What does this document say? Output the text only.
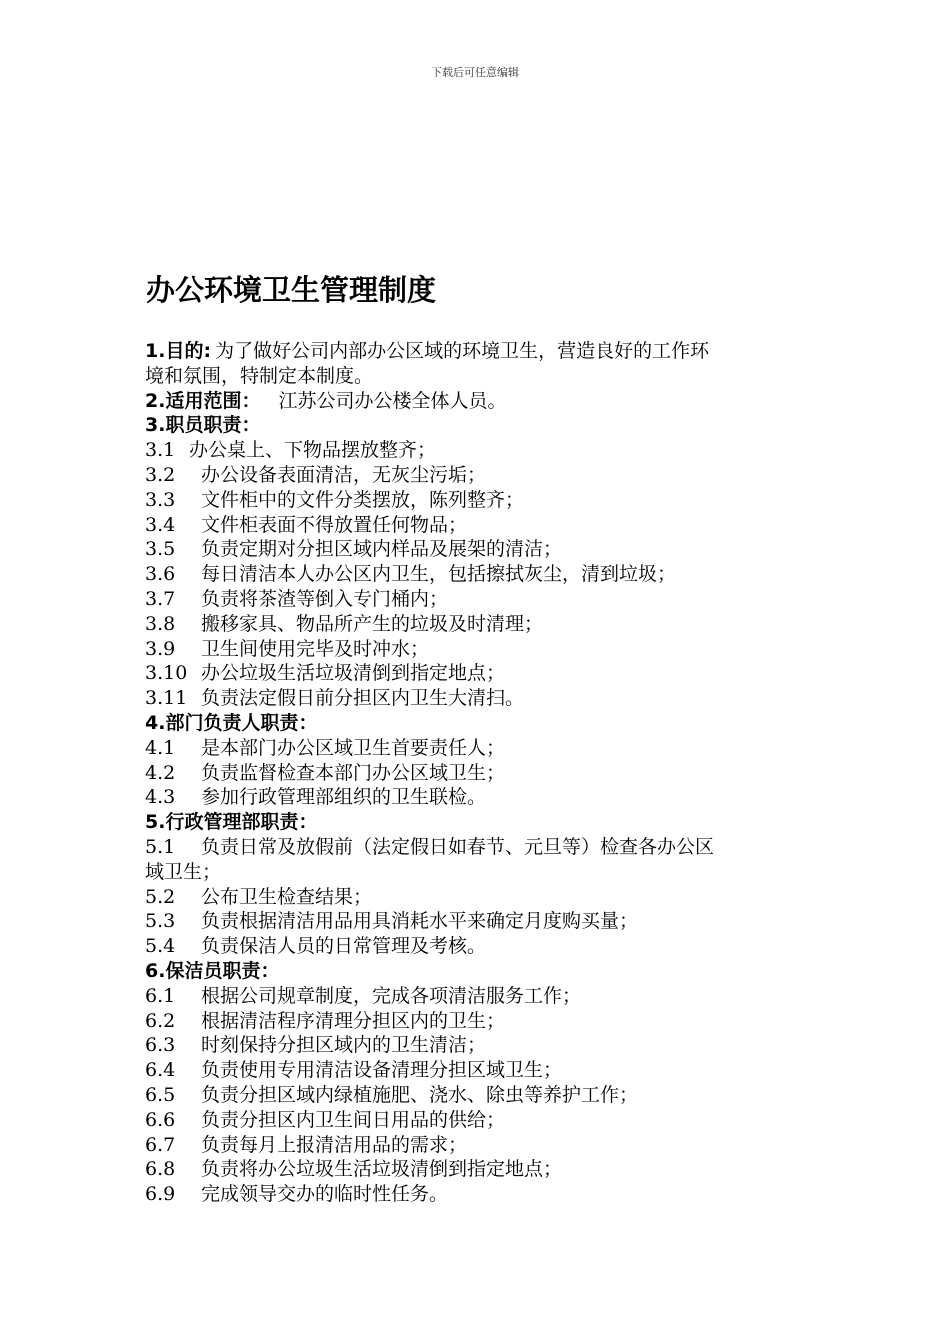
下载后可任意编辑
办公环境卫生管理制度
1.目的: 为了做好公司内部办公区域的环境卫生，营造良好的工作环
境和氛围，特制定本制度。
2.适用范围： 江苏公司办公楼全体人员。
3.职员职责：
3.1 办公桌上、下物品摆放整齐；
3.2 办公设备表面清洁，无灰尘污垢；
3.3 文件柜中的文件分类摆放，陈列整齐；
3.4 文件柜表面不得放置任何物品；
3.5 负责定期对分担区域内样品及展架的清洁；
3.6 每日清洁本人办公区内卫生，包括擦拭灰尘，清到垃圾；
3.7 负责将茶渣等倒入专门桶内；
3.8 搬移家具、物品所产生的垃圾及时清理；
3.9 卫生间使用完毕及时冲水；
3.10 办公垃圾生活垃圾清倒到指定地点；
3.11 负责法定假日前分担区内卫生大清扫。
4.部门负责人职责：
4.1 是本部门办公区域卫生首要责任人；
4.2 负责监督检查本部门办公区域卫生；
4.3 参加行政管理部组织的卫生联检。
5.行政管理部职责：
5.1 负责日常及放假前（法定假日如春节、元旦等）检查各办公区
域卫生；
5.2 公布卫生检查结果；
5.3 负责根据清洁用品用具消耗水平来确定月度购买量；
5.4 负责保洁人员的日常管理及考核。
6.保洁员职责：
6.1 根据公司规章制度，完成各项清洁服务工作；
6.2 根据清洁程序清理分担区内的卫生；
6.3 时刻保持分担区域内的卫生清洁；
6.4 负责使用专用清洁设备清理分担区域卫生；
6.5 负责分担区域内绿植施肥、浇水、除虫等养护工作；
6.6 负责分担区内卫生间日用品的供给；
6.7 负责每月上报清洁用品的需求；
6.8 负责将办公垃圾生活垃圾清倒到指定地点；
6.9 完成领导交办的临时性任务。
